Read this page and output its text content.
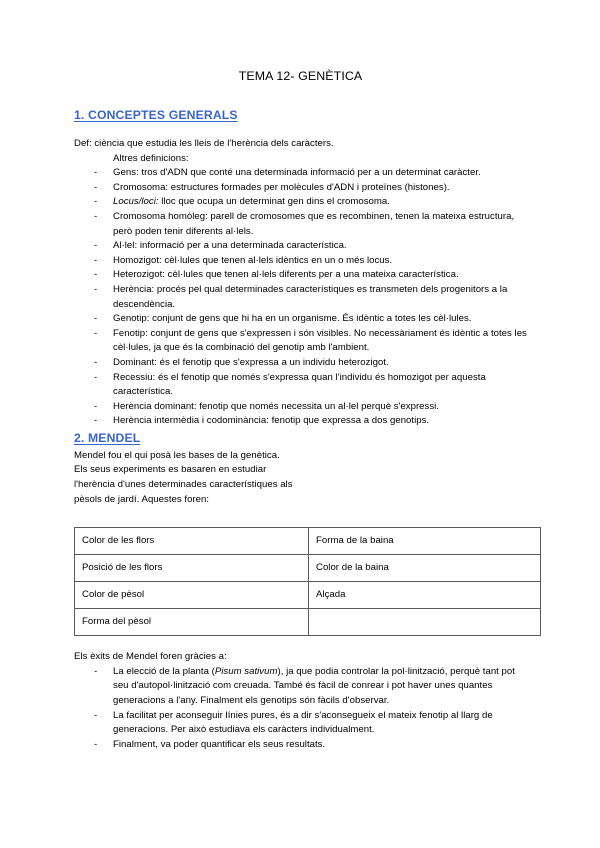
TEMA 12- GENÈTICA
1. CONCEPTES GENERALS

Def: ciència que estudia les lleis de l'herència dels caràcters.

Altres definicions:

- Gens: tros d'ADN que conté una determinada informació per a un determinat caràcter.
- Cromosoma: estructures formades per molècules d'ADN i proteïnes (histones).
- Locus/loci: lloc que ocupa un determinat gen dins el cromosoma.
- Cromosoma homòleg: parell de cromosomes que es recombinen, tenen la mateixa estructura, però poden tenir diferents al·lels.
- Al·lel: informació per a una determinada característica.
- Homozigot: cèl·lules que tenen al·lels idèntics en un o més locus.
- Heterozigot: cèl·lules que tenen al·lels diferents per a una mateixa característica.
- Herència: procés pel qual determinades característiques es transmeten dels progenitors a la descendència.
- Genotip: conjunt de gens que hi ha en un organisme. És idèntic a totes les cèl·lules.
- Fenotip: conjunt de gens que s'expressen i són visibles. No necessàriament és idèntic a totes les cèl·lules, ja que és la combinació del genotip amb l'ambient.
- Dominant: és el fenotip que s'expressa a un individu heterozigot.
- Recessiu: és el fenotip que només s'expressa quan l'individu és homozigot per aquesta característica.
- Herència dominant: fenotip que només necessita un al·lel perquè s'expressi.
- Herència intermèdia i codominància: fenotip que expressa a dos genotips.
2. MENDEL

Mendel fou el qui posà les bases de la genètica.

Els seus experiments es basaren en estudiar

l'herència d'unes determinades característiques als

pèsols de jardí. Aquestes foren:

Color de les flors	Forma de la baina
Posició de les flors	Color de la baina
Color de pèsol	Alçada
Forma del pèsol	

Els èxits de Mendel foren gràcies a:

- La elecció de la planta (Pisum sativum), ja que podia controlar la pol·linització, perquè tant pot seu d'autopol·linització com creuada. També és fàcil de conrear i pot haver unes quantes generacions a l'any. Finalment els genotips són fàcils d'observar.
- La facilitat per aconseguir línies pures, és a dir s'aconsegueix el mateix fenotip al llarg de generacions. Per això estudiava els caràcters individualment.
- Finalment, va poder quantificar els seus resultats.
